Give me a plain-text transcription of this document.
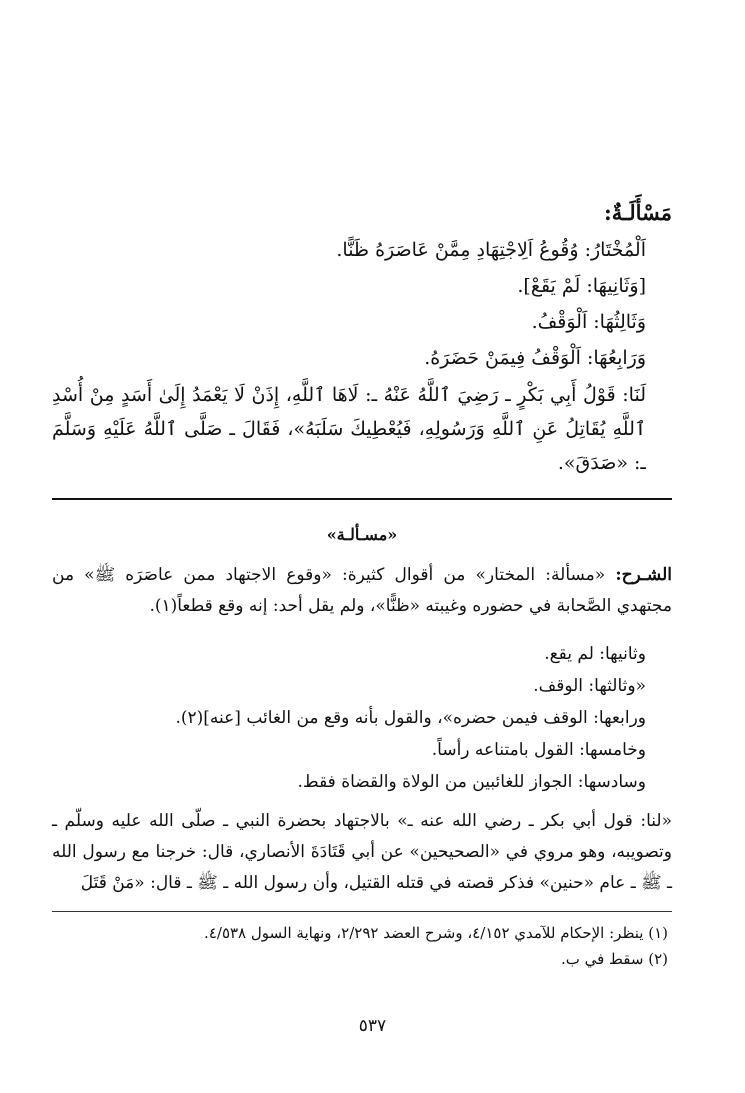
مَسْأَلَـةٌ:
اَلْمُخْتَارُ: وُقُوعُ اَلِاجْتِهَادِ مِمَّنْ عَاصَرَهُ ظَنًّا.
[وَثَانِيهَا: لَمْ يَقَعْ].
وَثَالِثُهَا: اَلْوَقْفُ.
وَرَابِعُهَا: اَلْوَقْفُ فِيمَنْ حَضَرَهُ.

لَنَا: قَوْلُ أَبِي بَكْرٍ ـ رَضِيَ ٱللَّهُ عَنْهُ ـ: لَاهَا ٱللَّهِ، إِذَنْ لَا يَعْمَدُ إِلَىٰ أَسَدٍ مِنْ أُسْدِ ٱللَّهِ يُقَاتِلُ عَنِ ٱللَّهِ وَرَسُولِهِ، فَيُعْطِيكَ سَلَبَهُ»، فَقَالَ ـ صَلَّى ٱللَّهُ عَلَيْهِ وَسَلَّمَ ـ: «صَدَقَ».

«مسـألـة»

الشـرح: «مسألة: المختار» من أقوال كثيرة: «وقوع الاجتهاد ممن عاصَرَه ﷺ» من مجتهدي الصَّحابة في حضوره وغيبته «ظنًّا»، ولم يقل أحد: إنه وقع قطعاً(١).

وثانيها: لم يقع.
«وثالثها: الوقف.
ورابعها: الوقف فيمن حضره»، والقول بأنه وقع من الغائب [عنه](٢).
وخامسها: القول بامتناعه رأساً.
وسادسها: الجواز للغائبين من الولاة والقضاة فقط.

«لنا: قول أبي بكر ـ رضي الله عنه ـ» بالاجتهاد بحضرة النبي ـ صلّى الله عليه وسلّم ـ وتصويبه، وهو مروي في «الصحيحين» عن أبي قَتَادَةَ الأنصاري، قال: خرجنا مع رسول الله ـ ﷺ ـ عام «حنين» فذكر قصته في قتله القتيل، وأن رسول الله ـ ﷺ ـ قال: «مَنْ قَتَلَ

(١) ينظر: الإحكام للآمدي ٤/١٥٢، وشرح العضد ٢/٢٩٢، ونهاية السول ٤/٥٣٨.
(٢) سقط في ب.
٥٣٧
